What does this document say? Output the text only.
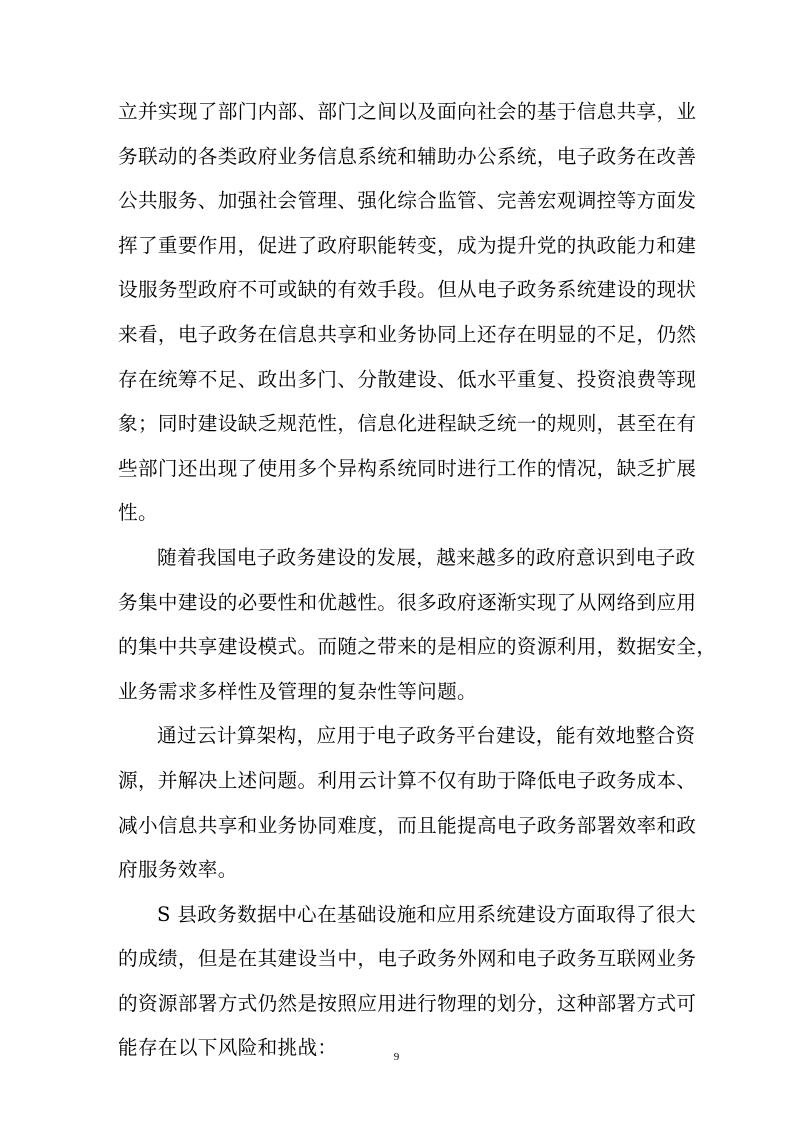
立并实现了部门内部、部门之间以及面向社会的基于信息共享，业
务联动的各类政府业务信息系统和辅助办公系统，电子政务在改善
公共服务、加强社会管理、强化综合监管、完善宏观调控等方面发
挥了重要作用，促进了政府职能转变，成为提升党的执政能力和建
设服务型政府不可或缺的有效手段。但从电子政务系统建设的现状
来看，电子政务在信息共享和业务协同上还存在明显的不足，仍然
存在统筹不足、政出多门、分散建设、低水平重复、投资浪费等现
象；同时建设缺乏规范性，信息化进程缺乏统一的规则，甚至在有
些部门还出现了使用多个异构系统同时进行工作的情况，缺乏扩展
性。
随着我国电子政务建设的发展，越来越多的政府意识到电子政
务集中建设的必要性和优越性。很多政府逐渐实现了从网络到应用
的集中共享建设模式。而随之带来的是相应的资源利用，数据安全，
业务需求多样性及管理的复杂性等问题。
通过云计算架构，应用于电子政务平台建设，能有效地整合资
源，并解决上述问题。利用云计算不仅有助于降低电子政务成本、
减小信息共享和业务协同难度，而且能提高电子政务部署效率和政
府服务效率。
S 县政务数据中心在基础设施和应用系统建设方面取得了很大
的成绩，但是在其建设当中，电子政务外网和电子政务互联网业务
的资源部署方式仍然是按照应用进行物理的划分，这种部署方式可
能存在以下风险和挑战：	9
